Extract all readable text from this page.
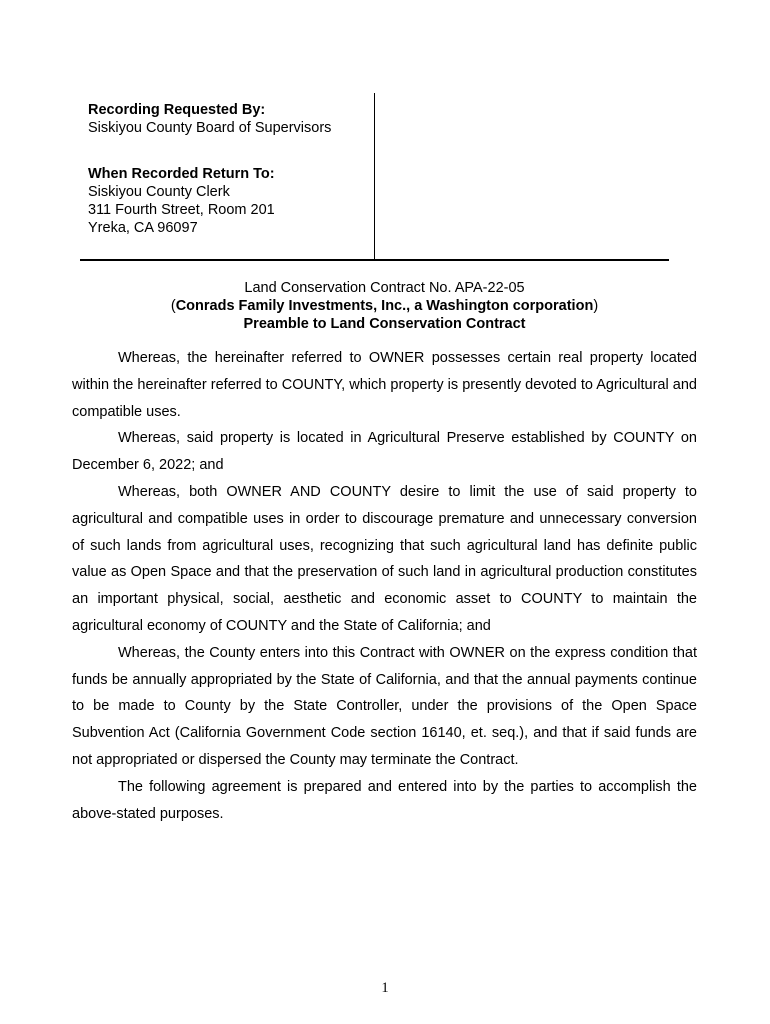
Recording Requested By:
Siskiyou County Board of Supervisors
When Recorded Return To:
Siskiyou County Clerk
311 Fourth Street, Room 201
Yreka, CA 96097
Land Conservation Contract No. APA-22-05
(Conrads Family Investments, Inc., a Washington corporation)
Preamble to Land Conservation Contract

Whereas, the hereinafter referred to OWNER possesses certain real property located within the hereinafter referred to COUNTY, which property is presently devoted to Agricultural and compatible uses.

Whereas, said property is located in Agricultural Preserve established by COUNTY on December 6, 2022; and

Whereas, both OWNER AND COUNTY desire to limit the use of said property to agricultural and compatible uses in order to discourage premature and unnecessary conversion of such lands from agricultural uses, recognizing that such agricultural land has definite public value as Open Space and that the preservation of such land in agricultural production constitutes an important physical, social, aesthetic and economic asset to COUNTY to maintain the agricultural economy of COUNTY and the State of California; and

Whereas, the County enters into this Contract with OWNER on the express condition that funds be annually appropriated by the State of California, and that the annual payments continue to be made to County by the State Controller, under the provisions of the Open Space Subvention Act (California Government Code section 16140, et. seq.), and that if said funds are not appropriated or dispersed the County may terminate the Contract.

The following agreement is prepared and entered into by the parties to accomplish the above-stated purposes.

1
